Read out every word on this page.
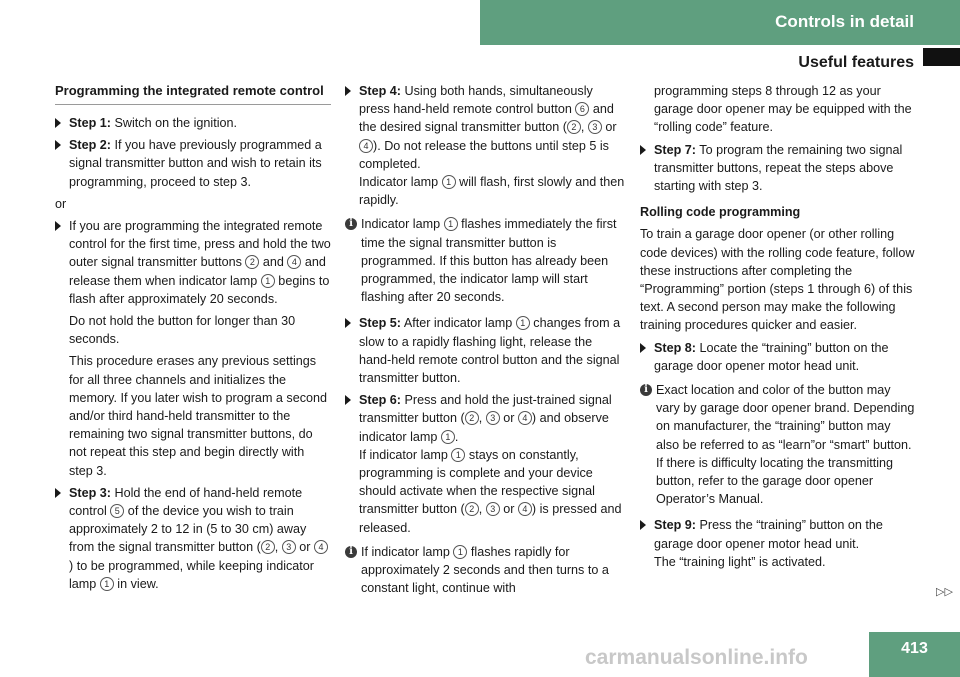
Controls in detail
Useful features
Programming the integrated remote control
Step 1: Switch on the ignition.
Step 2: If you have previously programmed a signal transmitter button and wish to retain its programming, proceed to step 3.
or
If you are programming the integrated remote control for the first time, press and hold the two outer signal transmitter buttons 2 and 4 and release them when indicator lamp 1 begins to flash after approximately 20 seconds.
Do not hold the button for longer than 30 seconds.
This procedure erases any previous settings for all three channels and initializes the memory. If you later wish to program a second and/or third hand-held transmitter to the remaining two signal transmitter buttons, do not repeat this step and begin directly with step 3.
Step 3: Hold the end of hand-held remote control 5 of the device you wish to train approximately 2 to 12 in (5 to 30 cm) away from the signal transmitter button ( 2 , 3 or 4) to be programmed, while keeping indicator lamp 1 in view.
Step 4: Using both hands, simultaneously press hand-held remote control button 6 and the desired signal transmitter button ( 2 , 3 or 4 ). Do not release the buttons until step 5 is completed.
Indicator lamp 1 will flash, first slowly and then rapidly.
i Indicator lamp 1 flashes immediately the first time the signal transmitter button is programmed. If this button has already been programmed, the indicator lamp will start flashing after 20 seconds.
Step 5: After indicator lamp 1 changes from a slow to a rapidly flashing light, release the hand-held remote control button and the signal transmitter button.
Step 6: Press and hold the just-trained signal transmitter button ( 2 , 3 or 4 ) and observe indicator lamp 1 .
If indicator lamp 1 stays on constantly, programming is complete and your device should activate when the respective signal transmitter button ( 2 , 3 or 4 ) is pressed and released.
i If indicator lamp 1 flashes rapidly for approximately 2 seconds and then turns to a constant light, continue with
programming steps 8 through 12 as your garage door opener may be equipped with the “rolling code” feature.
Step 7: To program the remaining two signal transmitter buttons, repeat the steps above starting with step 3.
Rolling code programming
To train a garage door opener (or other rolling code devices) with the rolling code feature, follow these instructions after completing the “Programming” portion (steps 1 through 6) of this text. A second person may make the following training procedures quicker and easier.
Step 8: Locate the “training” button on the garage door opener motor head unit.
i Exact location and color of the button may vary by garage door opener brand. Depending on manufacturer, the “training” button may also be referred to as “learn”or “smart” button. If there is difficulty locating the transmitting button, refer to the garage door opener Operator’s Manual.
Step 9: Press the “training” button on the garage door opener motor head unit.
The “training light” is activated.
▷▷
413
carmanualsonline.info
